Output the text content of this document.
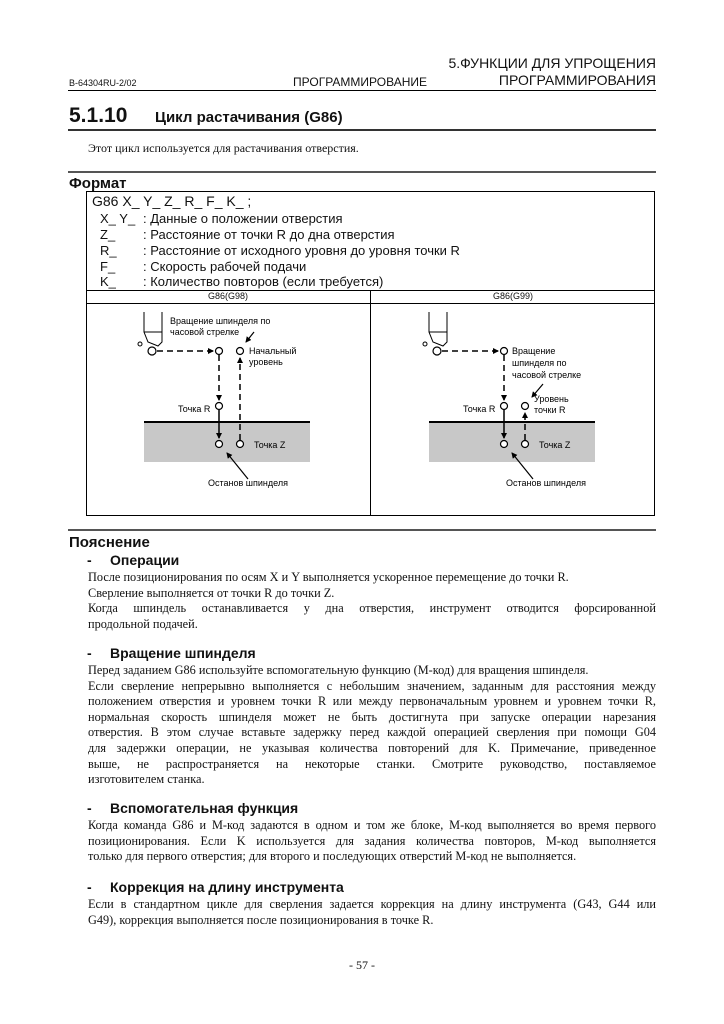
5.ФУНКЦИИ ДЛЯ УПРОЩЕНИЯ
B-64304RU-2/02	ПРОГРАММИРОВАНИЕ	ПРОГРАММИРОВАНИЯ
5.1.10 Цикл растачивания (G86)
Этот цикл используется для растачивания отверстия.
Формат
G86 X_ Y_ Z_ R_ F_ K_ ;
X_ Y_ : Данные о положении отверстия
Z_ : Расстояние от точки R до дна отверстия
R_ : Расстояние от исходного уровня до уровня точки R
F_ : Скорость рабочей подачи
K_ : Количество повторов (если требуется)
G86(G98)	G86(G99)
Вращение шпинделя по
часовой стрелке
Начальный
уровень
Точка R
Точка Z
Останов шпинделя
Вращение
шпинделя по
часовой стрелке
Уровень
точки R
Точка R
Точка Z
Останов шпинделя
Пояснение
- Операции
После позиционирования по осям X и Y выполняется ускоренное перемещение до точки R.
Сверление выполняется от точки R до точки Z.
Когда шпиндель останавливается у дна отверстия, инструмент отводится форсированной
продольной подачей.
- Вращение шпинделя
Перед заданием G86 используйте вспомогательную функцию (М-код) для вращения шпинделя.
Если сверление непрерывно выполняется с небольшим значением, заданным для расстояния между
положением отверстия и уровнем точки R или между первоначальным уровнем и уровнем точки R,
нормальная скорость шпинделя может не быть достигнута при запуске операции нарезания
отверстия. В этом случае вставьте задержку перед каждой операцией сверления при помощи G04
для задержки операции, не указывая количества повторений для K. Примечание, приведенное
выше, не распространяется на некоторые станки. Смотрите руководство, поставляемое
изготовителем станка.
- Вспомогательная функция
Когда команда G86 и М-код задаются в одном и том же блоке, М-код выполняется во время первого
позиционирования. Если K используется для задания количества повторов, М-код выполняется
только для первого отверстия; для второго и последующих отверстий М-код не выполняется.
- Коррекция на длину инструмента
Если в стандартном цикле для сверления задается коррекция на длину инструмента (G43, G44 или
G49), коррекция выполняется после позиционирования в точке R.
- 57 -
